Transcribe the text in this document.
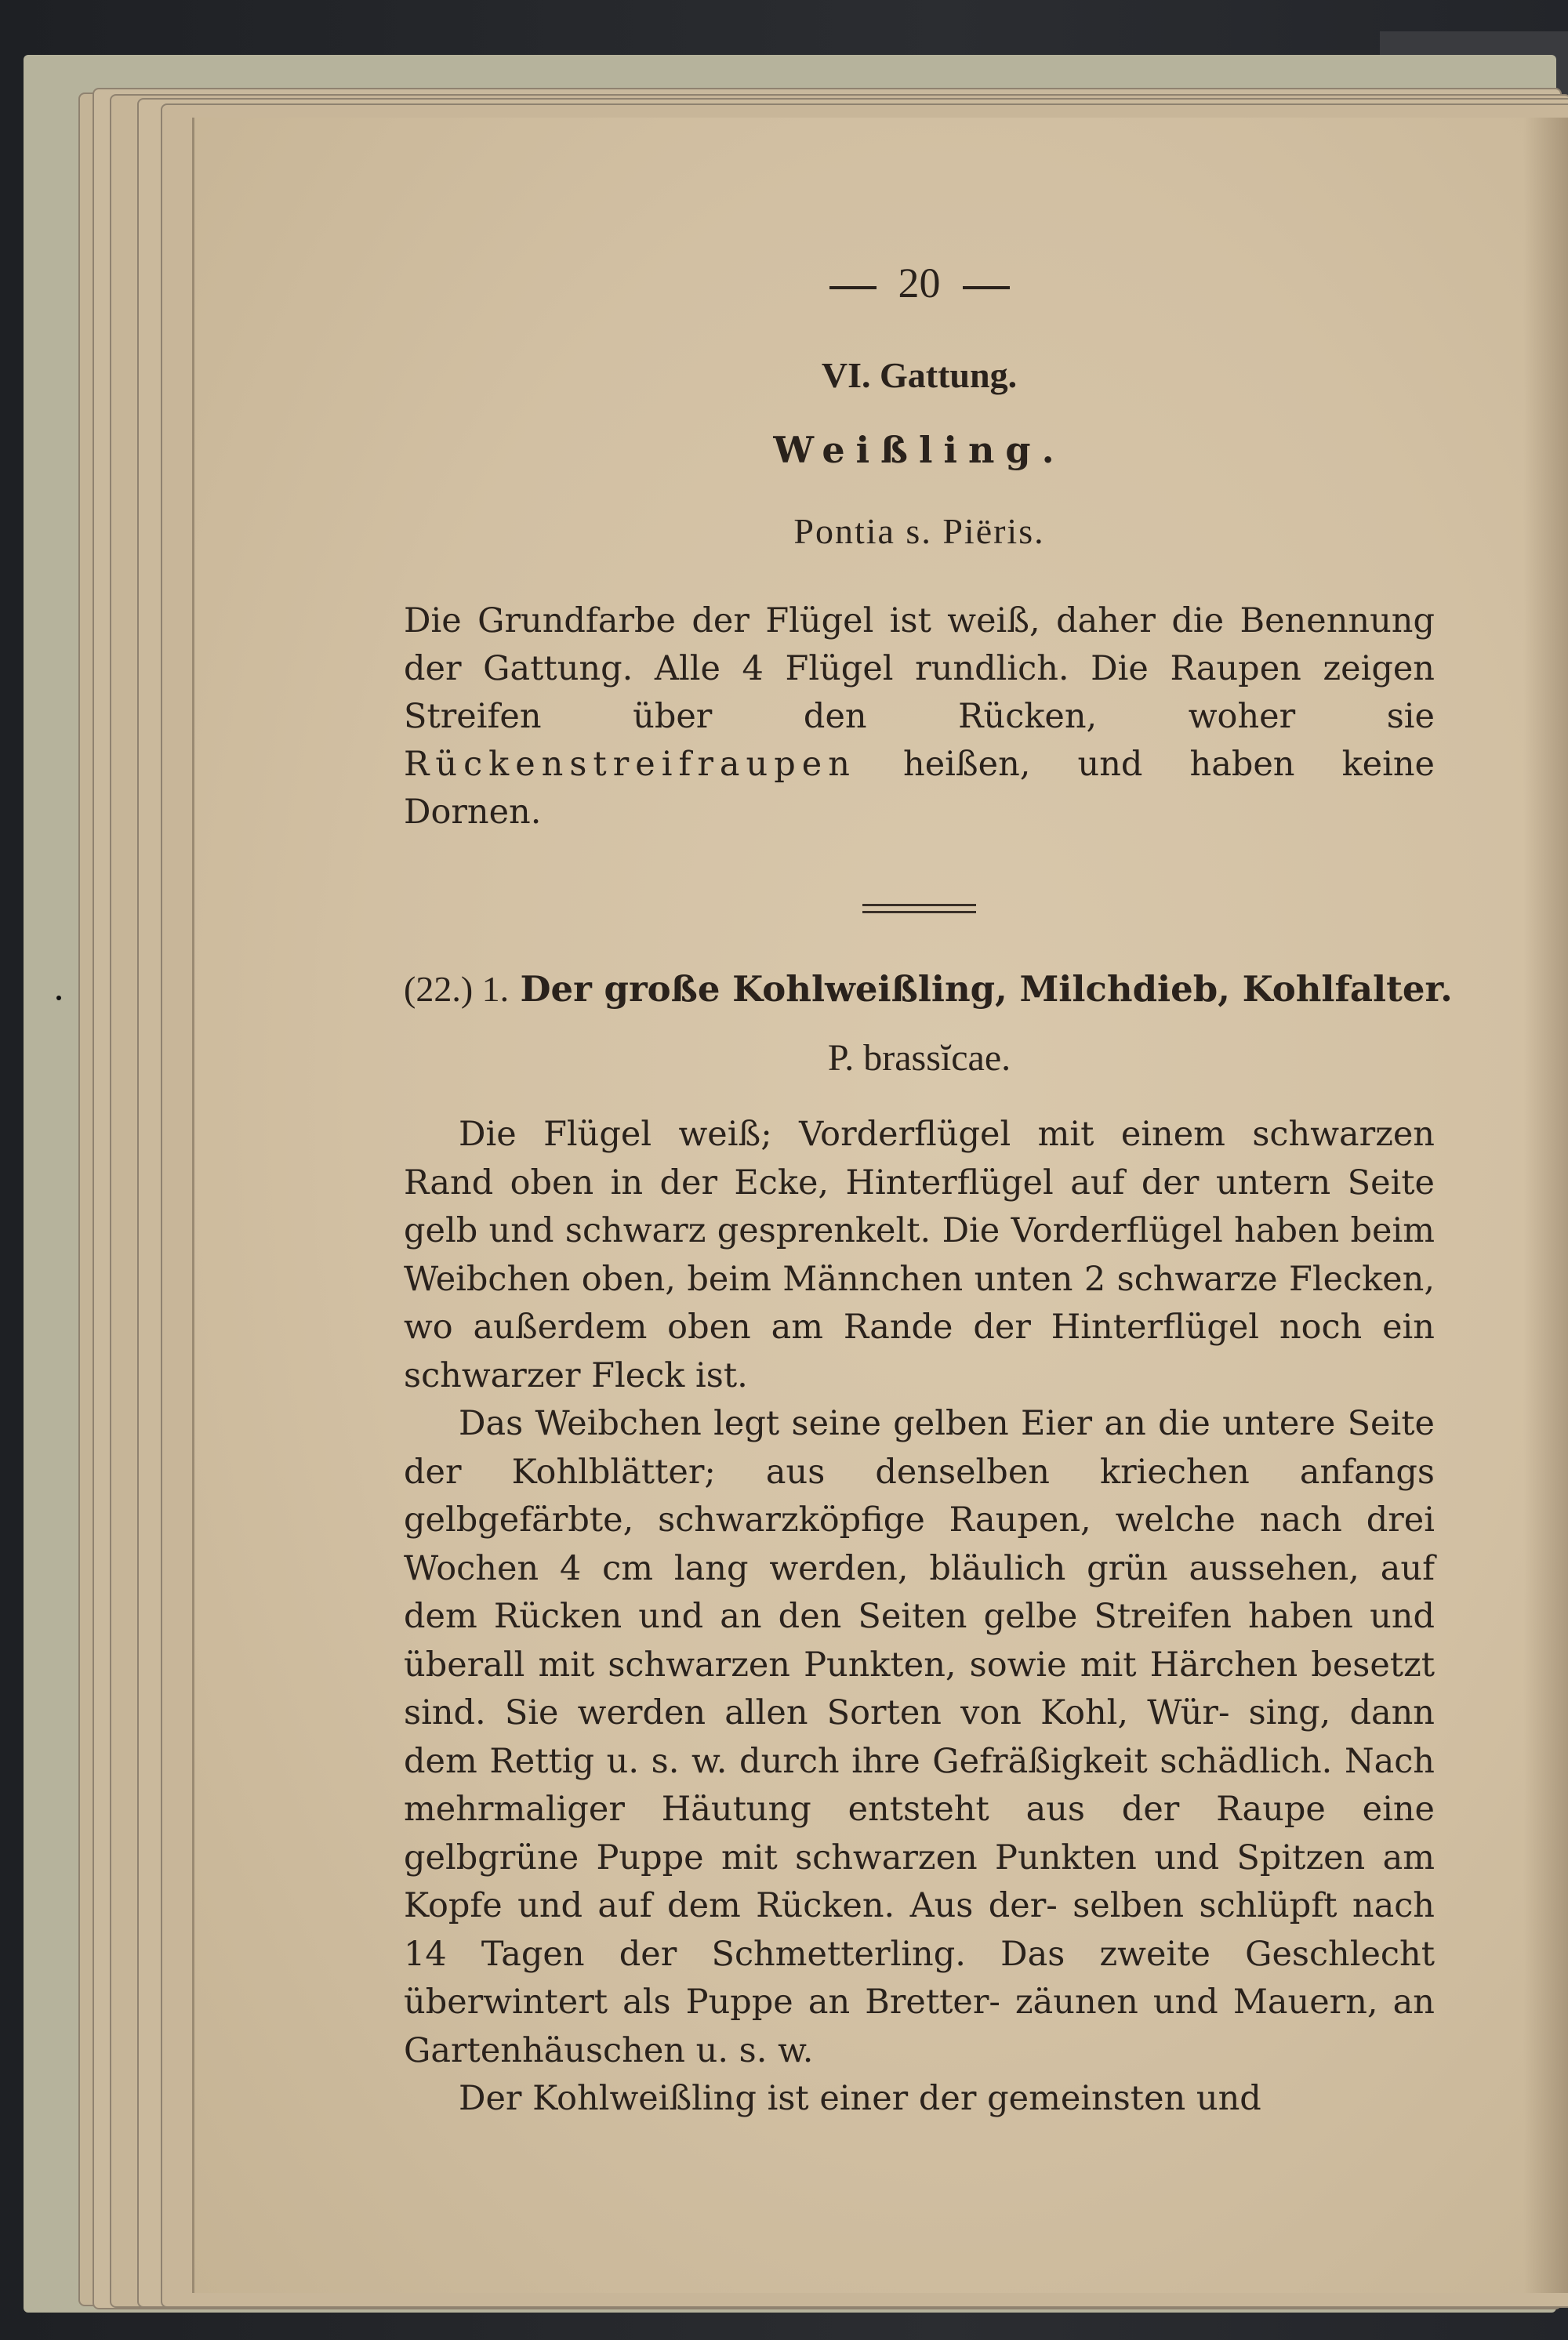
20
VI. Gattung.
Weißling.
Pontia s. Piëris.
Die Grundfarbe der Flügel ist weiß, daher die Benennung der Gattung. Alle 4 Flügel rundlich. Die Raupen zeigen Streifen über den Rücken, woher sie Rückenstreifraupen heißen, und haben keine Dornen.
(22.) 1. Der große Kohlweißling, Milchdieb, Kohlfalter.
P. brassĭcae.

Die Flügel weiß; Vorderflügel mit einem schwarzen Rand oben in der Ecke, Hinterflügel auf der untern Seite gelb und schwarz gesprenkelt. Die Vorderflügel haben beim Weibchen oben, beim Männchen unten 2 schwarze Flecken, wo außerdem oben am Rande der Hinterflügel noch ein schwarzer Fleck ist.

Das Weibchen legt seine gelben Eier an die untere Seite der Kohlblätter; aus denselben kriechen anfangs gelbgefärbte, schwarzköpfige Raupen, welche nach drei Wochen 4 cm lang werden, bläulich grün aussehen, auf dem Rücken und an den Seiten gelbe Streifen haben und überall mit schwarzen Punkten, sowie mit Härchen besetzt sind. Sie werden allen Sorten von Kohl, Wür- sing, dann dem Rettig u. s. w. durch ihre Gefräßigkeit schädlich. Nach mehrmaliger Häutung entsteht aus der Raupe eine gelbgrüne Puppe mit schwarzen Punkten und Spitzen am Kopfe und auf dem Rücken. Aus der- selben schlüpft nach 14 Tagen der Schmetterling. Das zweite Geschlecht überwintert als Puppe an Bretter- zäunen und Mauern, an Gartenhäuschen u. s. w.

Der Kohlweißling ist einer der gemeinsten und
